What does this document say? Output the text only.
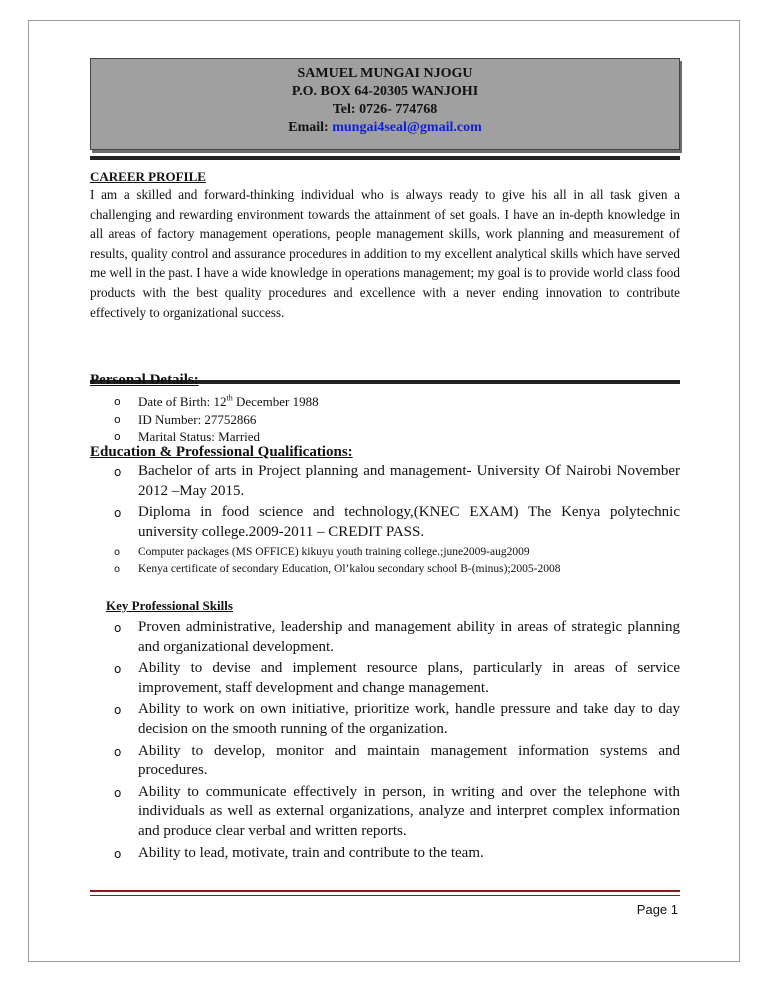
SAMUEL MUNGAI NJOGU
P.O. BOX 64-20305 WANJOHI
Tel: 0726- 774768
Email: mungai4seal@gmail.com
CAREER PROFILE
I am a skilled and forward-thinking individual who is always ready to give his all in all task given a challenging and rewarding environment towards the attainment of set goals. I have an in-depth knowledge in all areas of factory management operations, people management skills, work planning and measurement of results, quality control and assurance procedures in addition to my excellent analytical skills which have served me well in the past. I have a wide knowledge in operations management; my goal is to provide world class food products with the best quality procedures and excellence with a never ending innovation to contribute effectively to organizational success.
Personal Details:
o Date of Birth: 12th December 1988
o ID Number: 27752866
o Marital Status: Married
Education & Professional Qualifications:
o Bachelor of arts in Project planning and management- University Of Nairobi November 2012 –May 2015.
o Diploma in food science and technology,(KNEC EXAM) The Kenya polytechnic university college.2009-2011 – CREDIT PASS.
o Computer packages (MS OFFICE) kikuyu youth training college.;june2009-aug2009
o Kenya certificate of secondary Education, Ol’kalou secondary school B-(minus);2005-2008
Key Professional Skills
o Proven administrative, leadership and management ability in areas of strategic planning and organizational development.
o Ability to devise and implement resource plans, particularly in areas of service improvement, staff development and change management.
o Ability to work on own initiative, prioritize work, handle pressure and take day to day decision on the smooth running of the organization.
o Ability to develop, monitor and maintain management information systems and procedures.
o Ability to communicate effectively in person, in writing and over the telephone with individuals as well as external organizations, analyze and interpret complex information and produce clear verbal and written reports.
o Ability to lead, motivate, train and contribute to the team.
Page 1
